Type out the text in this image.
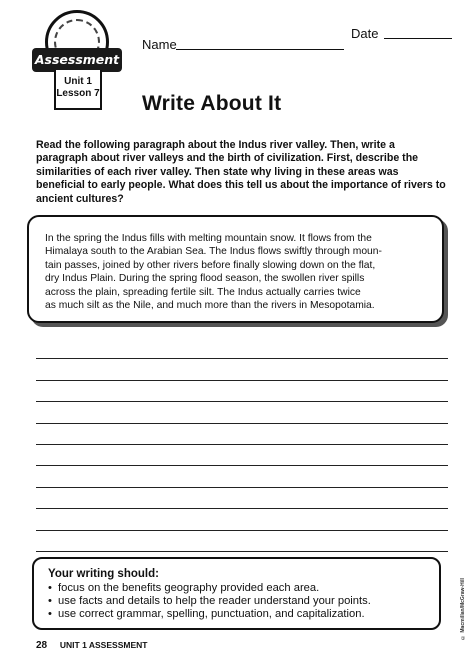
Assessment
Unit 1
Lesson 7
Name
Date
Write About It
Read the following paragraph about the Indus river valley. Then, write a paragraph about river valleys and the birth of civilization. First, describe the similarities of each river valley. Then state why living in these areas was beneficial to early people. What does this tell us about the importance of rivers to ancient cultures?

In the spring the Indus fills with melting mountain snow. It flows from the
Himalaya south to the Arabian Sea. The Indus flows swiftly through moun-
tain passes, joined by other rivers before finally slowing down on the flat,
dry Indus Plain. During the spring flood season, the swollen river spills
across the plain, spreading fertile silt. The Indus actually carries twice
as much silt as the Nile, and much more than the rivers in Mesopotamia.

Your writing should:
• focus on the benefits geography provided each area.
• use facts and details to help the reader understand your points.
• use correct grammar, spelling, punctuation, and capitalization.
28 UNIT 1 ASSESSMENT
© Macmillan/McGraw-Hill
